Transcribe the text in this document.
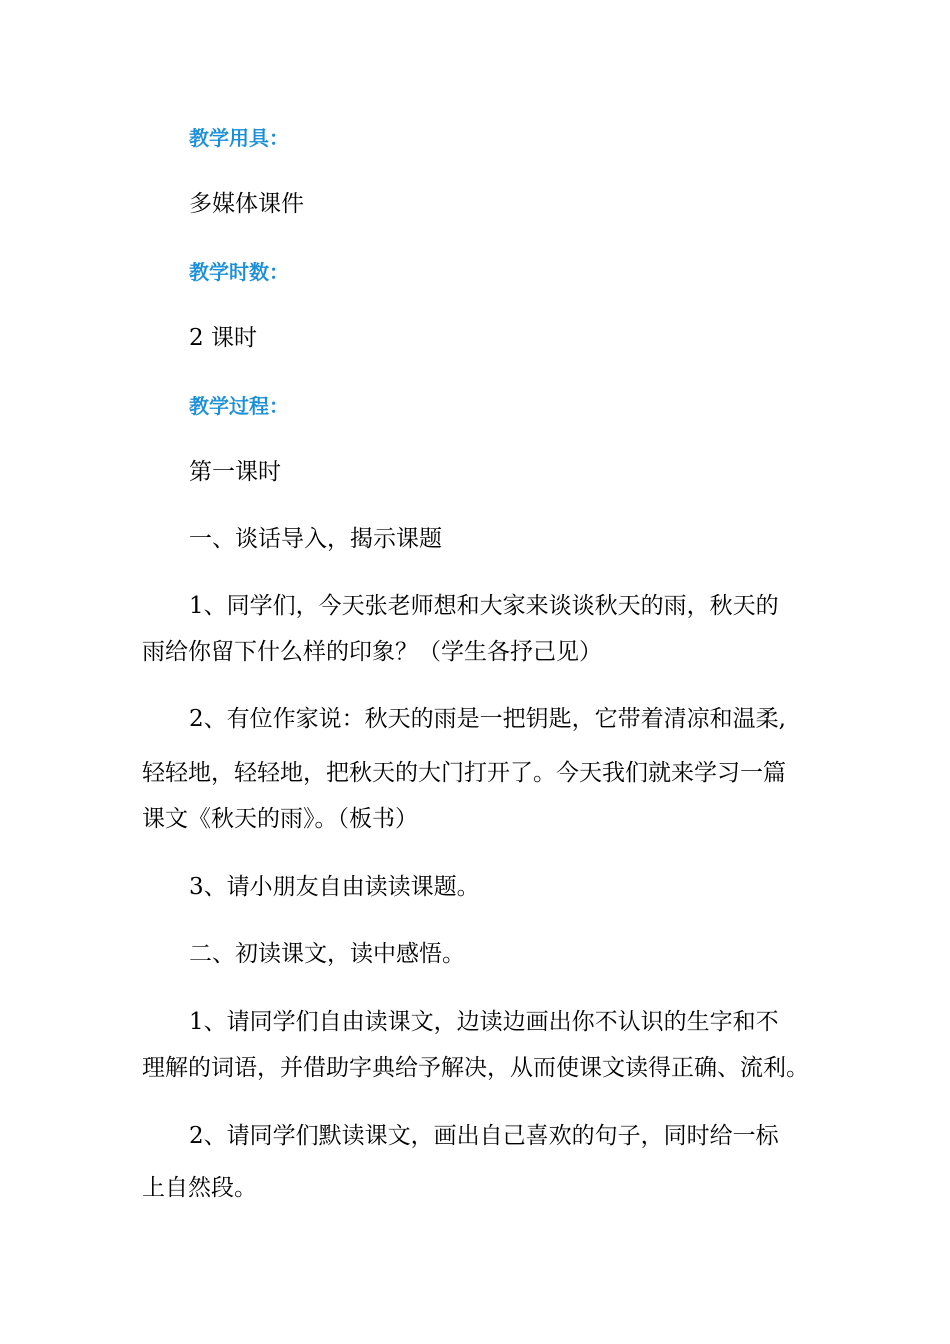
教学用具：

多媒体课件

教学时数：

2 课时

教学过程：

第一课时

一、谈话导入，揭示课题

1、同学们，今天张老师想和大家来谈谈秋天的雨，秋天的

雨给你留下什么样的印象？（学生各抒己见）

2、有位作家说：秋天的雨是一把钥匙，它带着清凉和温柔,

轻轻地，轻轻地，把秋天的大门打开了。今天我们就来学习一篇

课文《秋天的雨》。（板书）

3、请小朋友自由读读课题。

二、初读课文，读中感悟。

1、请同学们自由读课文，边读边画出你不认识的生字和不

理解的词语，并借助字典给予解决，从而使课文读得正确、流利。

2、请同学们默读课文，画出自己喜欢的句子，同时给一标

上自然段。
